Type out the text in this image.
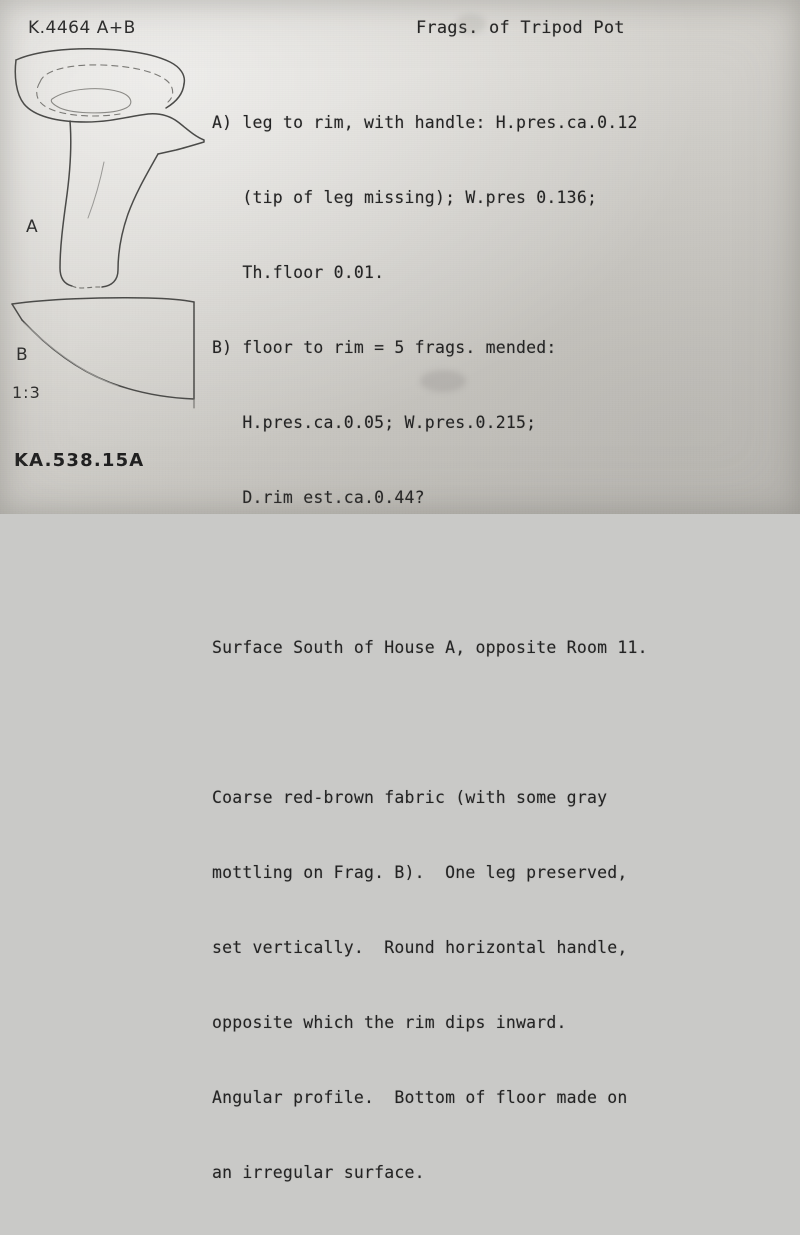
K.4464 A+B	Frags. of Tripod Pot

A) leg to rim, with handle: H.pres.ca.0.12

(tip of leg missing); W.pres 0.136;

Th.floor 0.01.

B) floor to rim = 5 frags. mended:

H.pres.ca.0.05; W.pres.0.215;

D.rim est.ca.0.44?

Surface South of House A, opposite Room 11.

Coarse red-brown fabric (with some gray

mottling on Frag. B).  One leg preserved,

set vertically.  Round horizontal handle,

opposite which the rim dips inward.

Angular profile.  Bottom of floor made on

an irregular surface.

A
B
1:3
KA.538.15A
